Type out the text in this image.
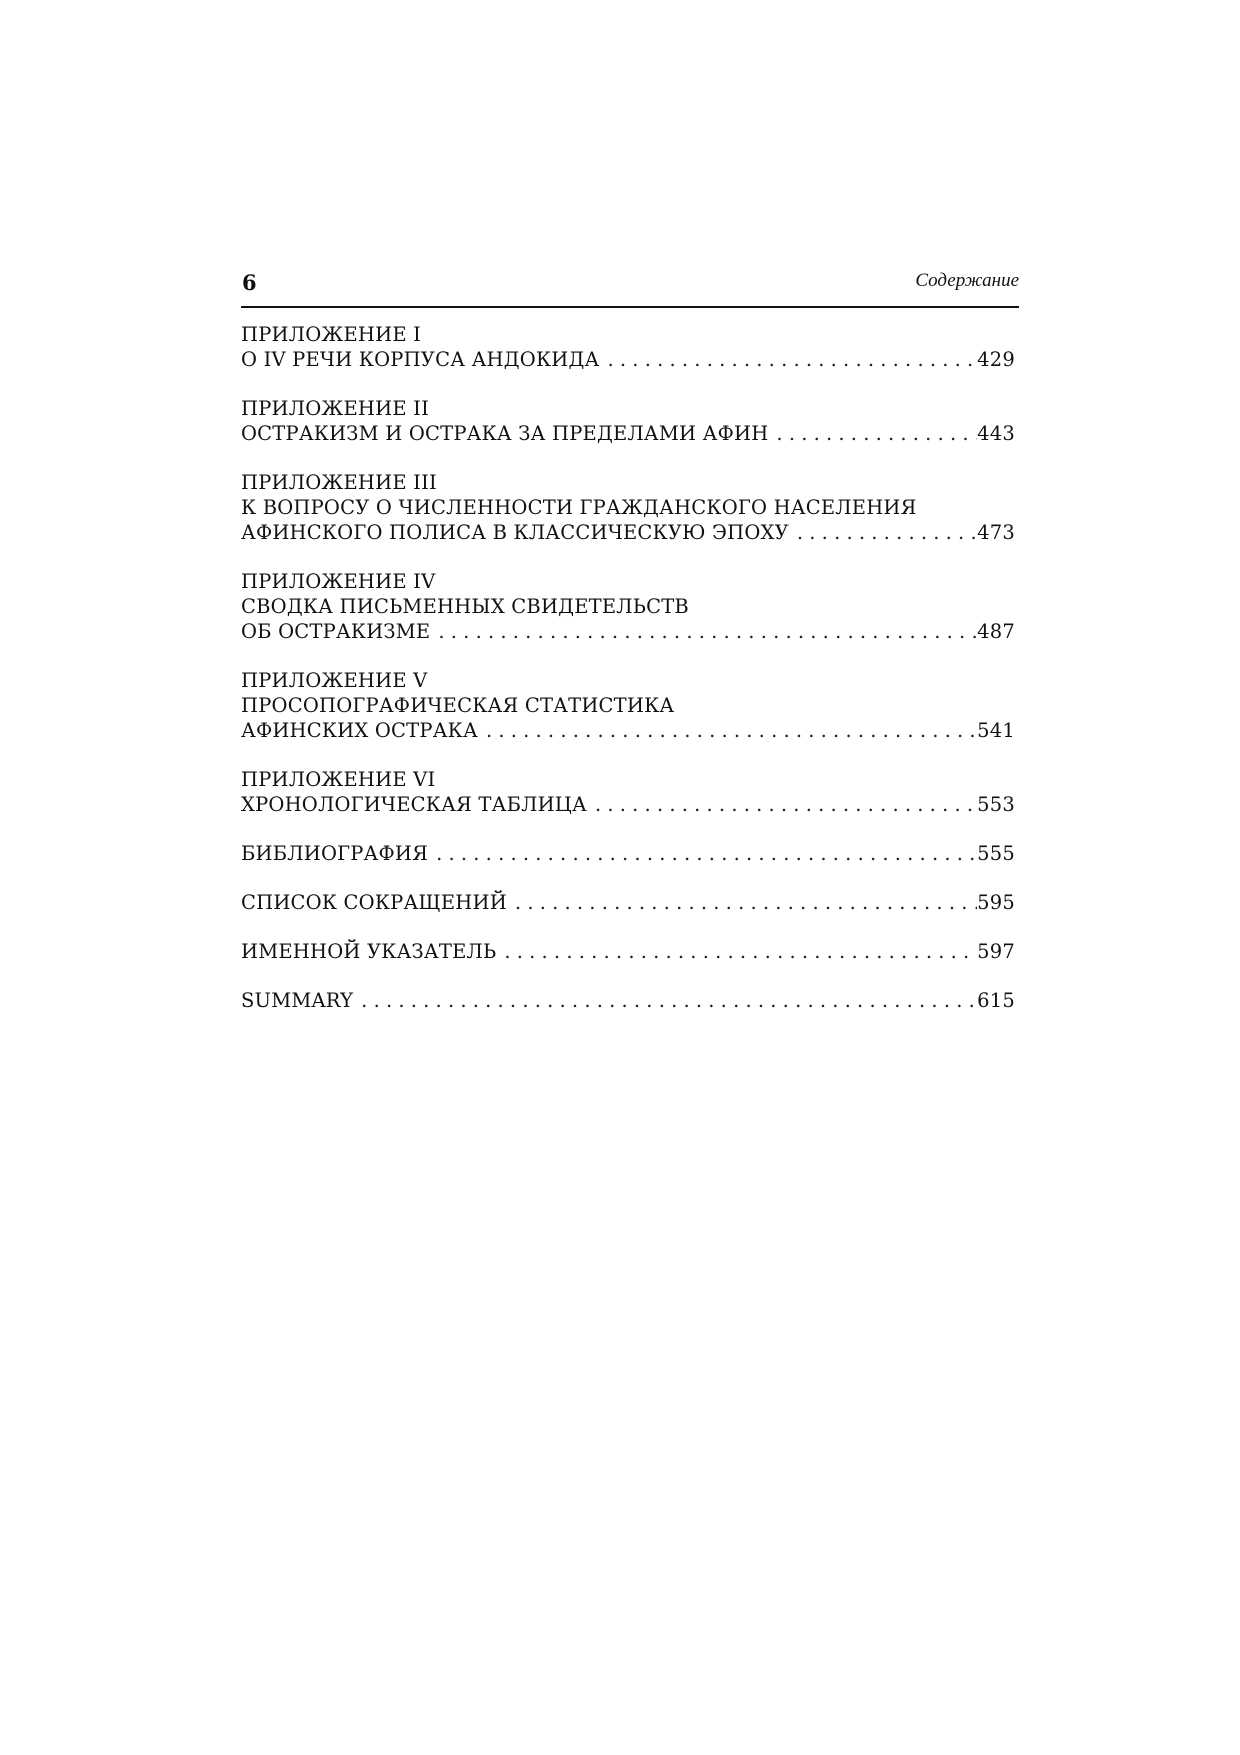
6	Содержание
ПРИЛОЖЕНИЕ I
О IV РЕЧИ КОРПУСА АНДОКИДА . . .	429
ПРИЛОЖЕНИЕ II
ОСТРАКИЗМ И ОСТРАКА ЗА ПРЕДЕЛАМИ АФИН . . .	443
ПРИЛОЖЕНИЕ III
К ВОПРОСУ О ЧИСЛЕННОСТИ ГРАЖДАНСКОГО НАСЕЛЕНИЯ
АФИНСКОГО ПОЛИСА В КЛАССИЧЕСКУЮ ЭПОХУ . . .	473
ПРИЛОЖЕНИЕ IV
СВОДКА ПИСЬМЕННЫХ СВИДЕТЕЛЬСТВ
ОБ ОСТРАКИЗМЕ . . .	487
ПРИЛОЖЕНИЕ V
ПРОСОПОГРАФИЧЕСКАЯ СТАТИСТИКА
АФИНСКИХ ОСТРАКА . . .	541
ПРИЛОЖЕНИЕ VI
ХРОНОЛОГИЧЕСКАЯ ТАБЛИЦА . . .	553
БИБЛИОГРАФИЯ . . .	555
СПИСОК СОКРАЩЕНИЙ . . .	595
ИМЕННОЙ УКАЗАТЕЛЬ . . .	597
SUMMARY . . .	615
